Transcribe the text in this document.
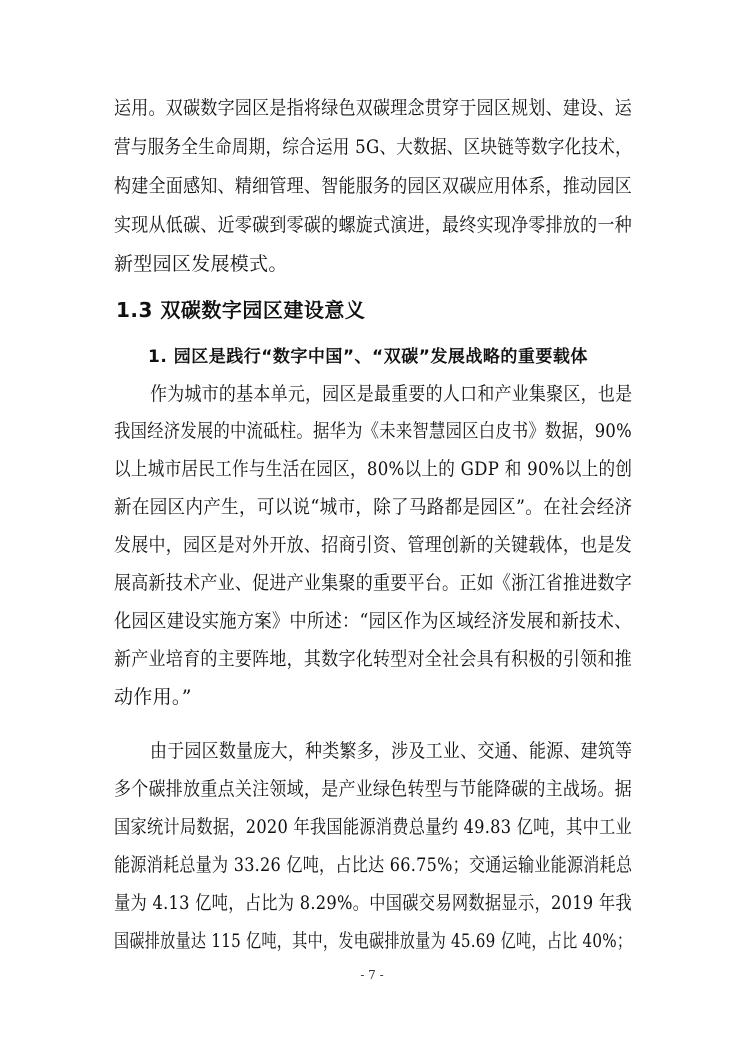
运用。双碳数字园区是指将绿色双碳理念贯穿于园区规划、建设、运
营与服务全生命周期，综合运用 5G、大数据、区块链等数字化技术，
构建全面感知、精细管理、智能服务的园区双碳应用体系，推动园区
实现从低碳、近零碳到零碳的螺旋式演进，最终实现净零排放的一种
新型园区发展模式。
1.3 双碳数字园区建设意义
1. 园区是践行“数字中国”、“双碳”发展战略的重要载体
作为城市的基本单元，园区是最重要的人口和产业集聚区，也是
我国经济发展的中流砥柱。据华为《未来智慧园区白皮书》数据，90%
以上城市居民工作与生活在园区，80%以上的 GDP 和 90%以上的创
新在园区内产生，可以说“城市，除了马路都是园区”。在社会经济
发展中，园区是对外开放、招商引资、管理创新的关键载体，也是发
展高新技术产业、促进产业集聚的重要平台。正如《浙江省推进数字
化园区建设实施方案》中所述：“园区作为区域经济发展和新技术、
新产业培育的主要阵地，其数字化转型对全社会具有积极的引领和推
动作用。”
由于园区数量庞大，种类繁多，涉及工业、交通、能源、建筑等
多个碳排放重点关注领域，是产业绿色转型与节能降碳的主战场。据
国家统计局数据，2020 年我国能源消费总量约 49.83 亿吨，其中工业
能源消耗总量为 33.26 亿吨，占比达 66.75%；交通运输业能源消耗总
量为 4.13 亿吨，占比为 8.29%。中国碳交易网数据显示，2019 年我
国碳排放量达 115 亿吨，其中，发电碳排放量为 45.69 亿吨，占比 40%；
- 7 -
